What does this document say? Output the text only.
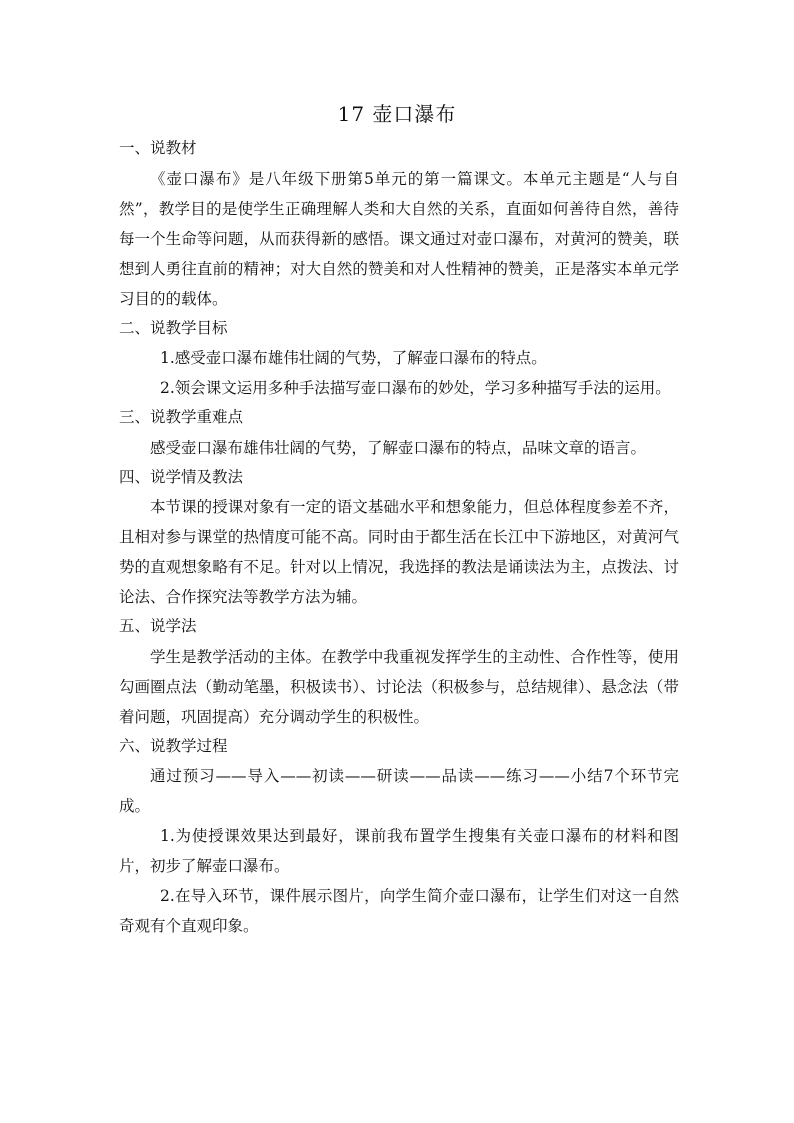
17 壶口瀑布

一、说教材

《壶口瀑布》是八年级下册第5单元的第一篇课文。本单元主题是“人与自然”，教学目的是使学生正确理解人类和大自然的关系，直面如何善待自然，善待每一个生命等问题，从而获得新的感悟。课文通过对壶口瀑布，对黄河的赞美，联想到人勇往直前的精神；对大自然的赞美和对人性精神的赞美，正是落实本单元学习目的的载体。

二、说教学目标

1.感受壶口瀑布雄伟壮阔的气势，了解壶口瀑布的特点。

2.领会课文运用多种手法描写壶口瀑布的妙处，学习多种描写手法的运用。

三、说教学重难点

感受壶口瀑布雄伟壮阔的气势，了解壶口瀑布的特点，品味文章的语言。

四、说学情及教法

本节课的授课对象有一定的语文基础水平和想象能力，但总体程度参差不齐，且相对参与课堂的热情度可能不高。同时由于都生活在长江中下游地区，对黄河气势的直观想象略有不足。针对以上情况，我选择的教法是诵读法为主，点拨法、讨论法、合作探究法等教学方法为辅。

五、说学法

学生是教学活动的主体。在教学中我重视发挥学生的主动性、合作性等，使用勾画圈点法（勤动笔墨，积极读书）、讨论法（积极参与，总结规律）、悬念法（带着问题，巩固提高）充分调动学生的积极性。

六、说教学过程

通过预习——导入——初读——研读——品读——练习——小结7个环节完成。

1.为使授课效果达到最好，课前我布置学生搜集有关壶口瀑布的材料和图片，初步了解壶口瀑布。

2.在导入环节，课件展示图片，向学生简介壶口瀑布，让学生们对这一自然奇观有个直观印象。
